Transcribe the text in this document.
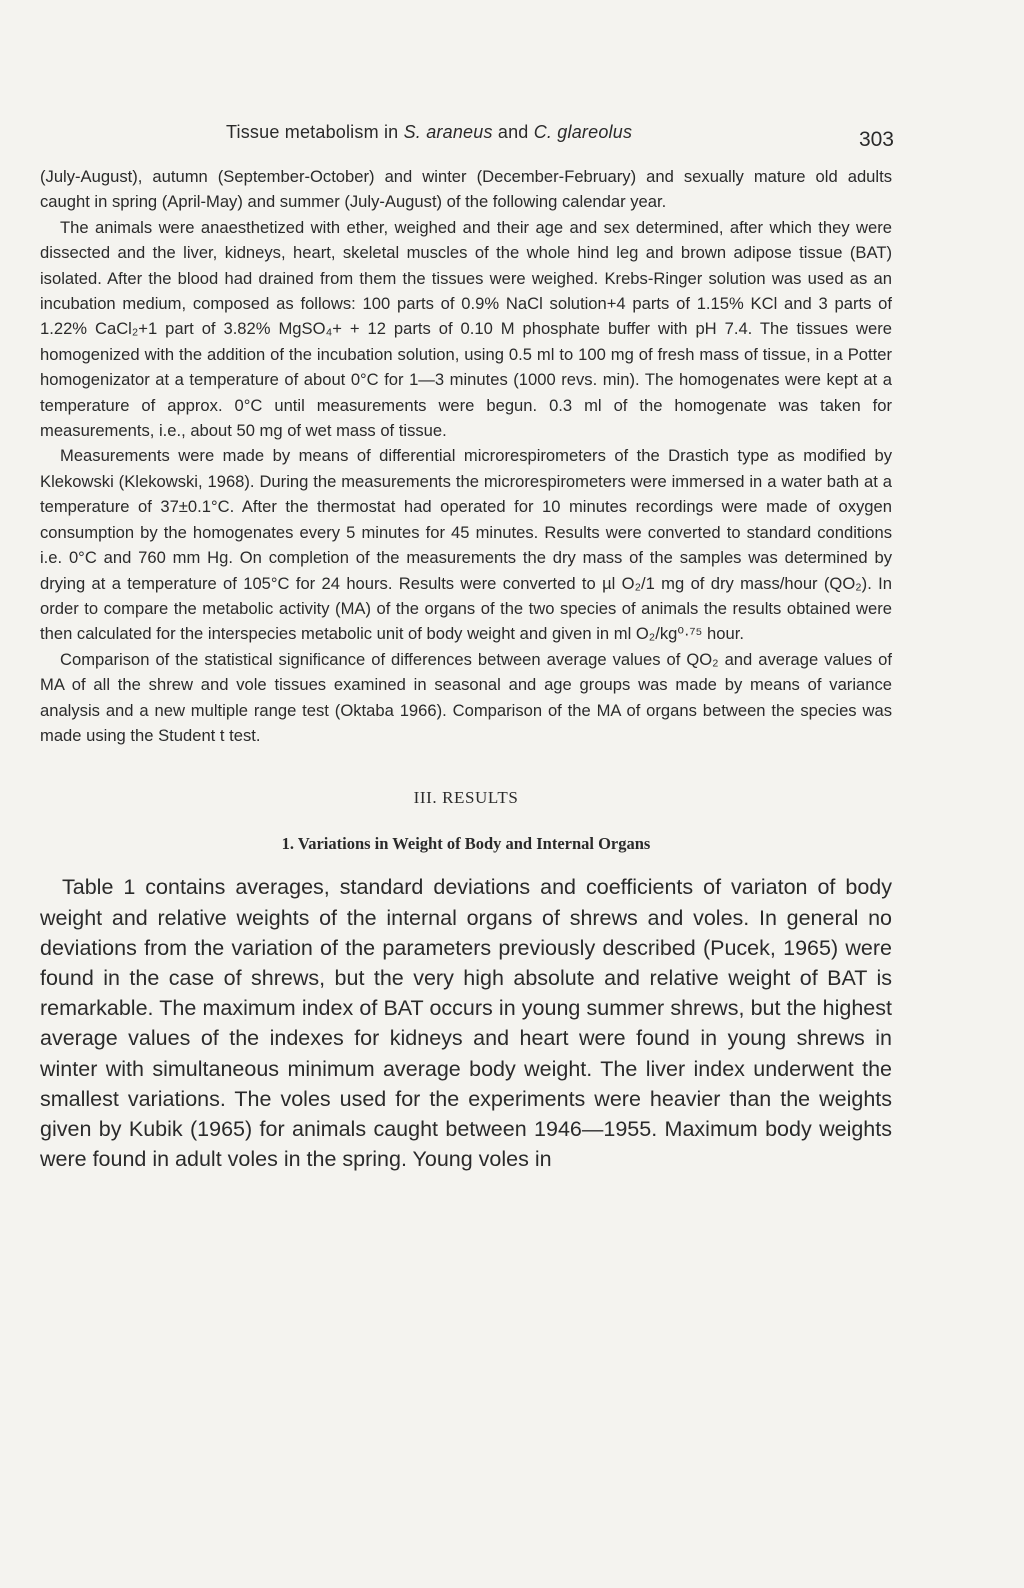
Tissue metabolism in S. araneus and C. glareolus	303

(July-August), autumn (September-October) and winter (December-February) and sexually mature old adults caught in spring (April-May) and summer (July-August) of the following calendar year.

The animals were anaesthetized with ether, weighed and their age and sex determined, after which they were dissected and the liver, kidneys, heart, skeletal muscles of the whole hind leg and brown adipose tissue (BAT) isolated. After the blood had drained from them the tissues were weighed. Krebs-Ringer solution was used as an incubation medium, composed as follows: 100 parts of 0.9% NaCl solution+4 parts of 1.15% KCl and 3 parts of 1.22% CaCl₂+1 part of 3.82% MgSO₄+ + 12 parts of 0.10 M phosphate buffer with pH 7.4. The tissues were homogenized with the addition of the incubation solution, using 0.5 ml to 100 mg of fresh mass of tissue, in a Potter homogenizator at a temperature of about 0°C for 1—3 minutes (1000 revs. min). The homogenates were kept at a temperature of approx. 0°C until measurements were begun. 0.3 ml of the homogenate was taken for measurements, i.e., about 50 mg of wet mass of tissue.

Measurements were made by means of differential microrespirometers of the Drastich type as modified by Klekowski (Klekowski, 1968). During the measurements the microrespirometers were immersed in a water bath at a temperature of 37±0.1°C. After the thermostat had operated for 10 minutes recordings were made of oxygen consumption by the homogenates every 5 minutes for 45 minutes. Results were converted to standard conditions i.e. 0°C and 760 mm Hg. On completion of the measurements the dry mass of the samples was determined by drying at a temperature of 105°C for 24 hours. Results were converted to µl O₂/1 mg of dry mass/hour (QO₂). In order to compare the metabolic activity (MA) of the organs of the two species of animals the results obtained were then calculated for the interspecies metabolic unit of body weight and given in ml O₂/kg⁰·⁷⁵ hour.

Comparison of the statistical significance of differences between average values of QO₂ and average values of MA of all the shrew and vole tissues examined in seasonal and age groups was made by means of variance analysis and a new multiple range test (Oktaba 1966). Comparison of the MA of organs between the species was made using the Student t test.

III. RESULTS
1. Variations in Weight of Body and Internal Organs

Table 1 contains averages, standard deviations and coefficients of variaton of body weight and relative weights of the internal organs of shrews and voles. In general no deviations from the variation of the parameters previously described (Pucek, 1965) were found in the case of shrews, but the very high absolute and relative weight of BAT is remarkable. The maximum index of BAT occurs in young summer shrews, but the highest average values of the indexes for kidneys and heart were found in young shrews in winter with simultaneous minimum average body weight. The liver index underwent the smallest variations. The voles used for the experiments were heavier than the weights given by Kubik (1965) for animals caught between 1946—1955. Maximum body weights were found in adult voles in the spring. Young voles in
